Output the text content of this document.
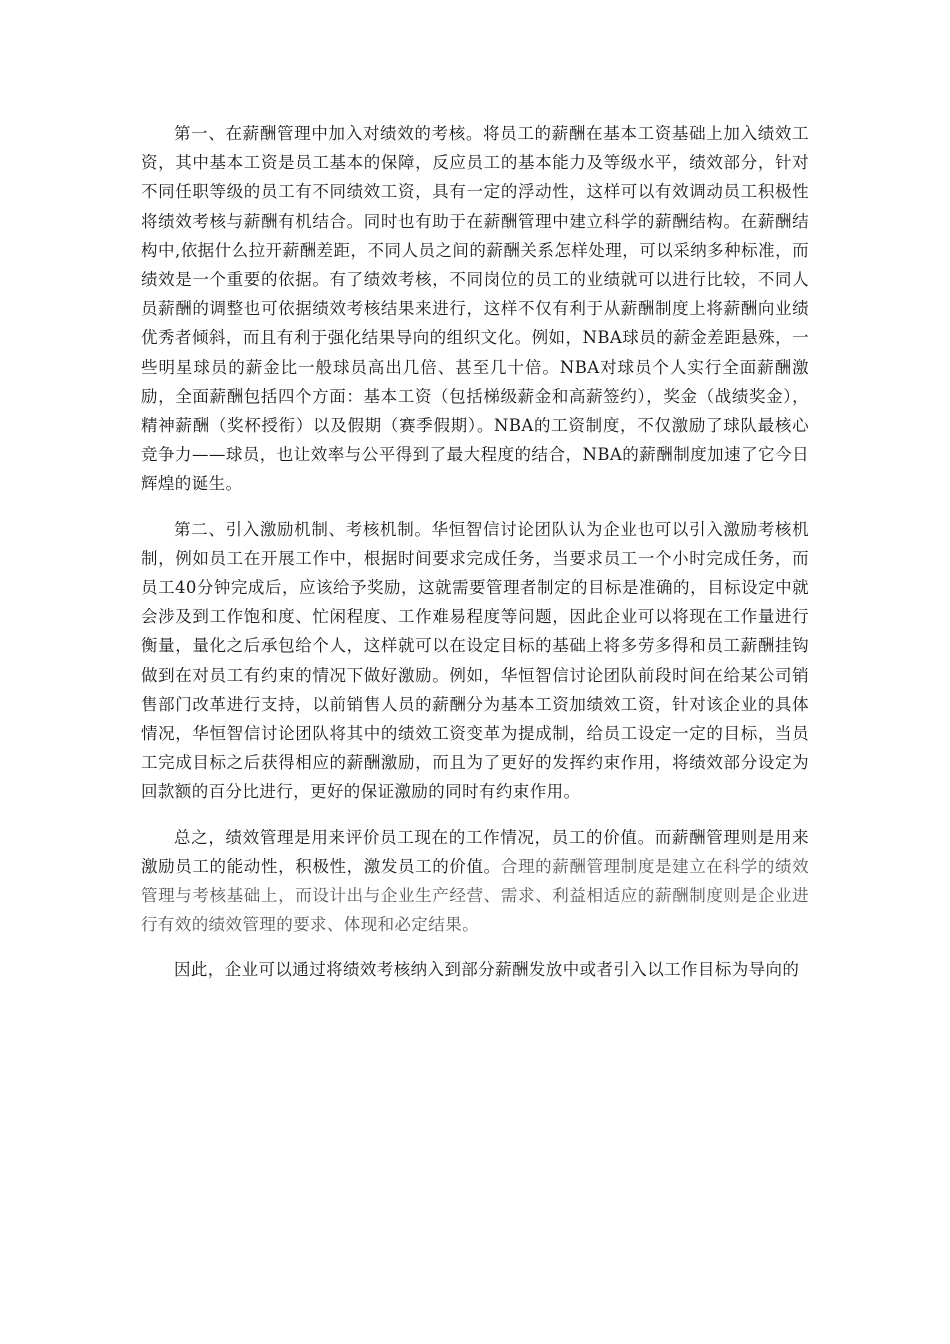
第一、在薪酬管理中加入对绩效的考核。将员工的薪酬在基本工资基础上加入绩效工资，其中基本工资是员工基本的保障，反应员工的基本能力及等级水平，绩效部分，针对不同任职等级的员工有不同绩效工资，具有一定的浮动性，这样可以有效调动员工积极性将绩效考核与薪酬有机结合。同时也有助于在薪酬管理中建立科学的薪酬结构。在薪酬结构中,依据什么拉开薪酬差距，不同人员之间的薪酬关系怎样处理，可以采纳多种标准，而绩效是一个重要的依据。有了绩效考核，不同岗位的员工的业绩就可以进行比较，不同人员薪酬的调整也可依据绩效考核结果来进行，这样不仅有利于从薪酬制度上将薪酬向业绩优秀者倾斜，而且有利于强化结果导向的组织文化。例如，NBA球员的薪金差距悬殊，一些明星球员的薪金比一般球员高出几倍、甚至几十倍。NBA对球员个人实行全面薪酬激励，全面薪酬包括四个方面：基本工资（包括梯级薪金和高薪签约），奖金（战绩奖金），精神薪酬（奖杯授衔）以及假期（赛季假期）。NBA的工资制度，不仅激励了球队最核心竞争力——球员，也让效率与公平得到了最大程度的结合，NBA的薪酬制度加速了它今日辉煌的诞生。

第二、引入激励机制、考核机制。华恒智信讨论团队认为企业也可以引入激励考核机制，例如员工在开展工作中，根据时间要求完成任务，当要求员工一个小时完成任务，而员工40分钟完成后，应该给予奖励，这就需要管理者制定的目标是准确的，目标设定中就会涉及到工作饱和度、忙闲程度、工作难易程度等问题，因此企业可以将现在工作量进行衡量，量化之后承包给个人，这样就可以在设定目标的基础上将多劳多得和员工薪酬挂钩做到在对员工有约束的情况下做好激励。例如，华恒智信讨论团队前段时间在给某公司销售部门改革进行支持，以前销售人员的薪酬分为基本工资加绩效工资，针对该企业的具体情况，华恒智信讨论团队将其中的绩效工资变革为提成制，给员工设定一定的目标，当员工完成目标之后获得相应的薪酬激励，而且为了更好的发挥约束作用，将绩效部分设定为回款额的百分比进行，更好的保证激励的同时有约束作用。

总之，绩效管理是用来评价员工现在的工作情况，员工的价值。而薪酬管理则是用来激励员工的能动性，积极性，激发员工的价值。合理的薪酬管理制度是建立在科学的绩效管理与考核基础上，而设计出与企业生产经营、需求、利益相适应的薪酬制度则是企业进行有效的绩效管理的要求、体现和必定结果。

因此，企业可以通过将绩效考核纳入到部分薪酬发放中或者引入以工作目标为导向的
